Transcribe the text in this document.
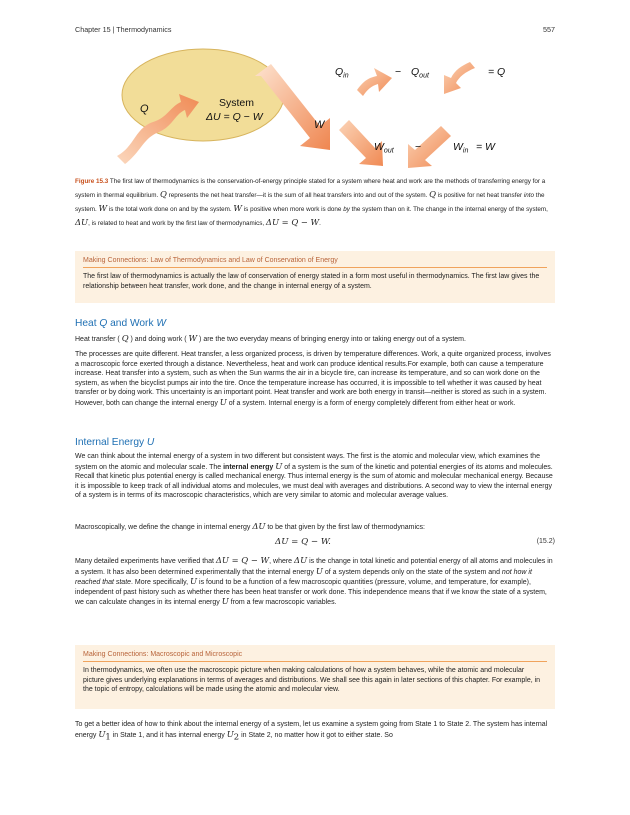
Chapter 15 | Thermodynamics	557
Q	System
ΔU = Q − W
W
$Q_{in}$	− $Q_{out}$	= Q
$W_{out}$ −	$W_{in} = W$
Figure 15.3 The first law of thermodynamics is the conservation-of-energy principle stated for a system where heat and work are the methods of transferring energy for a system in thermal equilibrium. Q represents the net heat transfer—it is the sum of all heat transfers into and out of the system. Q is positive for net heat transfer into the system. W is the total work done on and by the system. W is positive when more work is done by the system than on it. The change in the internal energy of the system, ΔU, is related to heat and work by the first law of thermodynamics, ΔU = Q − W.
Making Connections: Law of Thermodynamics and Law of Conservation of Energy
The first law of thermodynamics is actually the law of conservation of energy stated in a form most useful in thermodynamics. The first law gives the relationship between heat transfer, work done, and the change in internal energy of a system.
Heat Q and Work W
Heat transfer ( Q ) and doing work ( W ) are the two everyday means of bringing energy into or taking energy out of a system.
The processes are quite different. Heat transfer, a less organized process, is driven by temperature differences. Work, a quite organized process, involves a macroscopic force exerted through a distance. Nevertheless, heat and work can produce identical results.For example, both can cause a temperature increase. Heat transfer into a system, such as when the Sun warms the air in a bicycle tire, can increase its temperature, and so can work done on the system, as when the bicyclist pumps air into the tire. Once the temperature increase has occurred, it is impossible to tell whether it was caused by heat transfer or by doing work. This uncertainty is an important point. Heat transfer and work are both energy in transit—neither is stored as such in a system. However, both can change the internal energy U of a system. Internal energy is a form of energy completely different from either heat or work.
Internal Energy U
We can think about the internal energy of a system in two different but consistent ways. The first is the atomic and molecular view, which examines the system on the atomic and molecular scale. The internal energy U of a system is the sum of the kinetic and potential energies of its atoms and molecules. Recall that kinetic plus potential energy is called mechanical energy. Thus internal energy is the sum of atomic and molecular mechanical energy. Because it is impossible to keep track of all individual atoms and molecules, we must deal with averages and distributions. A second way to view the internal energy of a system is in terms of its macroscopic characteristics, which are very similar to atomic and molecular average values.
Macroscopically, we define the change in internal energy ΔU to be that given by the first law of thermodynamics:
ΔU = Q − W.	(15.2)
Many detailed experiments have verified that ΔU = Q − W, where ΔU is the change in total kinetic and potential energy of all atoms and molecules in a system. It has also been determined experimentally that the internal energy U of a system depends only on the state of the system and not how it reached that state. More specifically, U is found to be a function of a few macroscopic quantities (pressure, volume, and temperature, for example), independent of past history such as whether there has been heat transfer or work done. This independence means that if we know the state of a system, we can calculate changes in its internal energy U from a few macroscopic variables.
Making Connections: Macroscopic and Microscopic
In thermodynamics, we often use the macroscopic picture when making calculations of how a system behaves, while the atomic and molecular picture gives underlying explanations in terms of averages and distributions. We shall see this again in later sections of this chapter. For example, in the topic of entropy, calculations will be made using the atomic and molecular view.
To get a better idea of how to think about the internal energy of a system, let us examine a system going from State 1 to State 2. The system has internal energy $U_1$ in State 1, and it has internal energy $U_2$ in State 2, no matter how it got to either state. So
